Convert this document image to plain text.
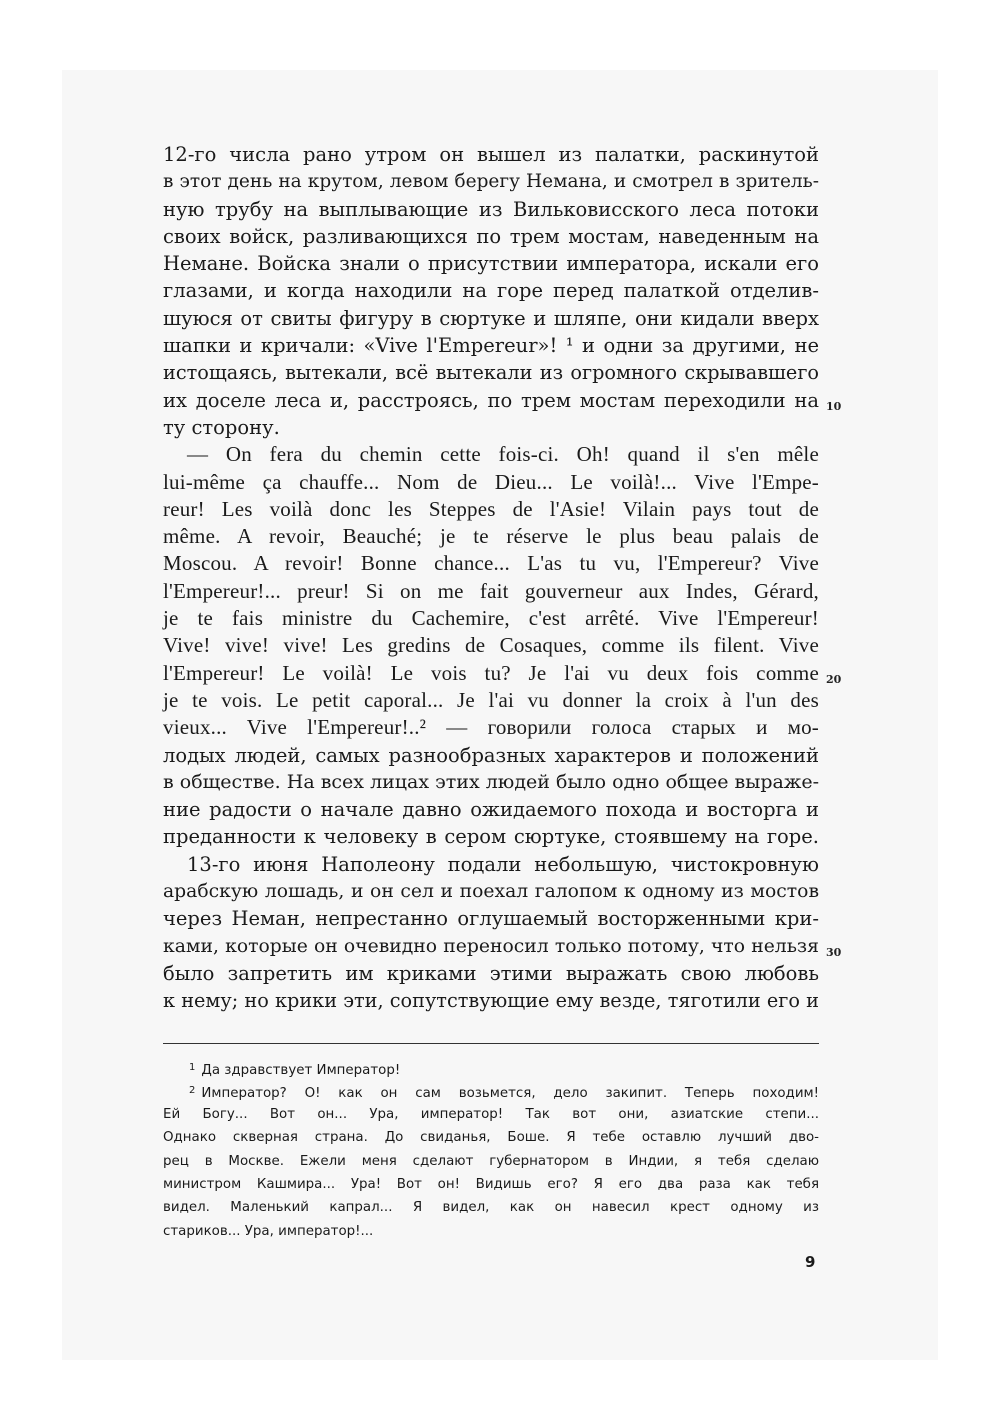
12-го числа рано утром он вышел из палатки, раскинутой
в этот день на крутом, левом берегу Немана, и смотрел в зритель-
ную трубу на выплывающие из Вильковисского леса потоки
своих войск, разливающихся по трем мостам, наведенным на
Немане. Войска знали о присутствии императора, искали его
глазами, и когда находили на горе перед палаткой отделив-
шуюся от свиты фигуру в сюртуке и шляпе, они кидали вверх
шапки и кричали: «Vive l'Empereur»! ¹ и одни за другими, не
истощаясь, вытекали, всё вытекали из огромного скрывавшего
их доселе леса и, расстроясь, по трем мостам переходили на
ту сторону.
— On fera du chemin cette fois-ci. Oh! quand il s'en mêle
lui-même ça chauffe... Nom de Dieu... Le voilà!... Vive l'Empe-
reur! Les voilà donc les Steppes de l'Asie! Vilain pays tout de
même. A revoir, Beauché; je te réserve le plus beau palais de
Moscou. A revoir! Bonne chance... L'as tu vu, l'Empereur? Vive
l'Empereur!... preur! Si on me fait gouverneur aux Indes, Gérard,
je te fais ministre du Cachemire, c'est arrêté. Vive l'Empereur!
Vive! vive! vive! Les gredins de Cosaques, comme ils filent. Vive
l'Empereur! Le voilà! Le vois tu? Je l'ai vu deux fois comme
je te vois. Le petit caporal... Je l'ai vu donner la croix à l'un des
vieux... Vive l'Empereur!..² — говорили голоса старых и мо-
лодых людей, самых разнообразных характеров и положений
в обществе. На всех лицах этих людей было одно общее выраже-
ние радости о начале давно ожидаемого похода и восторга и
преданности к человеку в сером сюртуке, стоявшему на горе.
13-го июня Наполеону подали небольшую, чистокровную
арабскую лошадь, и он сел и поехал галопом к одному из мостов
через Неман, непрестанно оглушаемый восторженными кри-
ками, которые он очевидно переносил только потому, что нельзя
было запретить им криками этими выражать свою любовь
к нему; но крики эти, сопутствующие ему везде, тяготили его и
10
20
30
$^1$ Да здравствует Император!
$^2$ Император? О! как он сам возьмется, дело закипит. Теперь походим!
Ей Богу... Вот он... Ура, император! Так вот они, азиатские степи...
Однако скверная страна. До свиданья, Боше. Я тебе оставлю лучший дво-
рец в Москве. Ежели меня сделают губернатором в Индии, я тебя сделаю
министром Кашмира... Ура! Вот он! Видишь его? Я его два раза как тебя
видел. Маленький капрал... Я видел, как он навесил крест одному из
стариков... Ура, император!...
9
